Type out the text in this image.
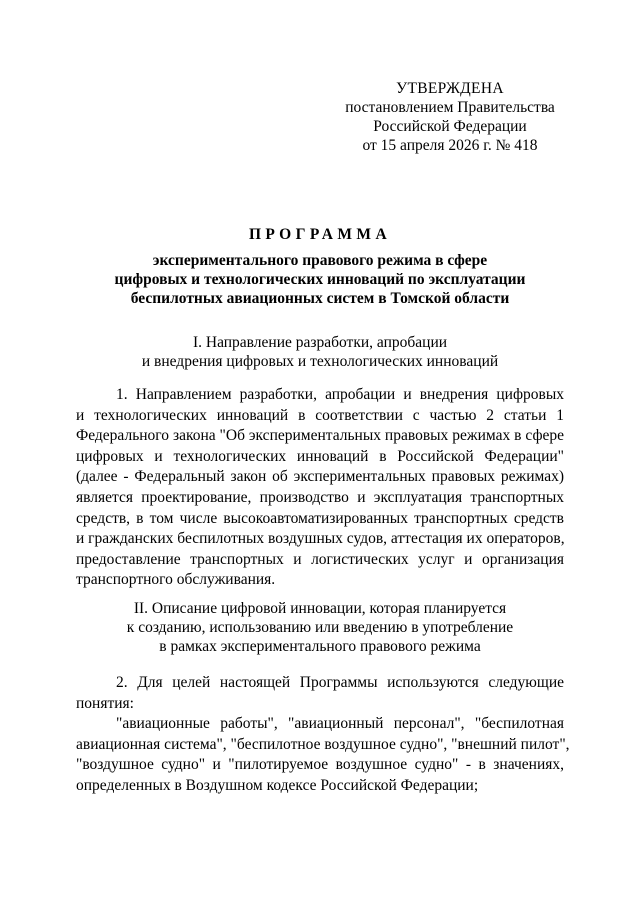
УТВЕРЖДЕНА
постановлением Правительства
Российской Федерации
от 15 апреля 2026 г. № 418
ПРОГРАММА
экспериментального правового режима в сфере
цифровых и технологических инноваций по эксплуатации
беспилотных авиационных систем в Томской области
I. Направление разработки, апробации
и внедрения цифровых и технологических инноваций
1. Направлением разработки, апробации и внедрения цифровых
и технологических инноваций в соответствии с частью 2 статьи 1
Федерального закона "Об экспериментальных правовых режимах в сфере
цифровых и технологических инноваций в Российской Федерации"
(далее - Федеральный закон об экспериментальных правовых режимах)
является проектирование, производство и эксплуатация транспортных
средств, в том числе высокоавтоматизированных транспортных средств
и гражданских беспилотных воздушных судов, аттестация их операторов,
предоставление транспортных и логистических услуг и организация
транспортного обслуживания.
II. Описание цифровой инновации, которая планируется
к созданию, использованию или введению в употребление
в рамках экспериментального правового режима
2. Для целей настоящей Программы используются следующие
понятия:
"авиационные работы", "авиационный персонал", "беспилотная
авиационная система", "беспилотное воздушное судно", "внешний пилот",
"воздушное судно" и "пилотируемое воздушное судно" - в значениях,
определенных в Воздушном кодексе Российской Федерации;
